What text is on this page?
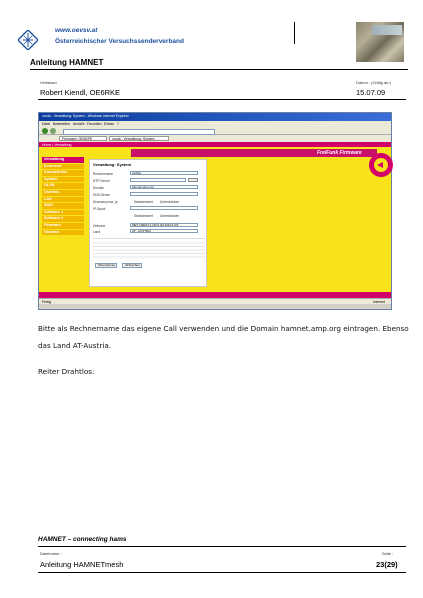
www.oevsv.at
Österreichischer Versuchssenderverband
Anleitung HAMNET
Verfasser	Datum : (Gültig ab:)
Robert Kiendl, OE6RKE	15.07.09
xrcda - Verwaltung: System - Windows Internet Explorer

Datei Bearbeiten Ansicht Favoriten Extras ?
Firmware: OE6XFE	xrcda - Verwaltung: System
Home | Verwaltung
FreiFunk Firmware
Verwaltung
Kennwort
Kontaktinfos
System
OLSR
Drahtlos
LAN
WAN
Software 1
Software 2
Firmware
Neustart
Verwaltung: System
Rechnername	oe6rke
NTP-Server
Domain	hamnet.amp.org
DNS-Server
Dnsmasq max_ip	Standardwert Unterdrücken
IP-Spoof
Standardwert Unterdrücken
Zeitzone	MET-1MEST-1,M3.5.0/2,M10.5.0/3
Land	AT - AUSTRIA
Übernehmen	Abbrechen
Fertig	Internet
Bitte als Rechnername das eigene Call verwenden und die Domain hamnet.amp.org eintragen. Ebenso
das Land AT-Austria.
Reiter Drahtlos:
HAMNET – connecting hams
Dateiname :	Seite :
Anleitung HAMNETmesh	23(29)
